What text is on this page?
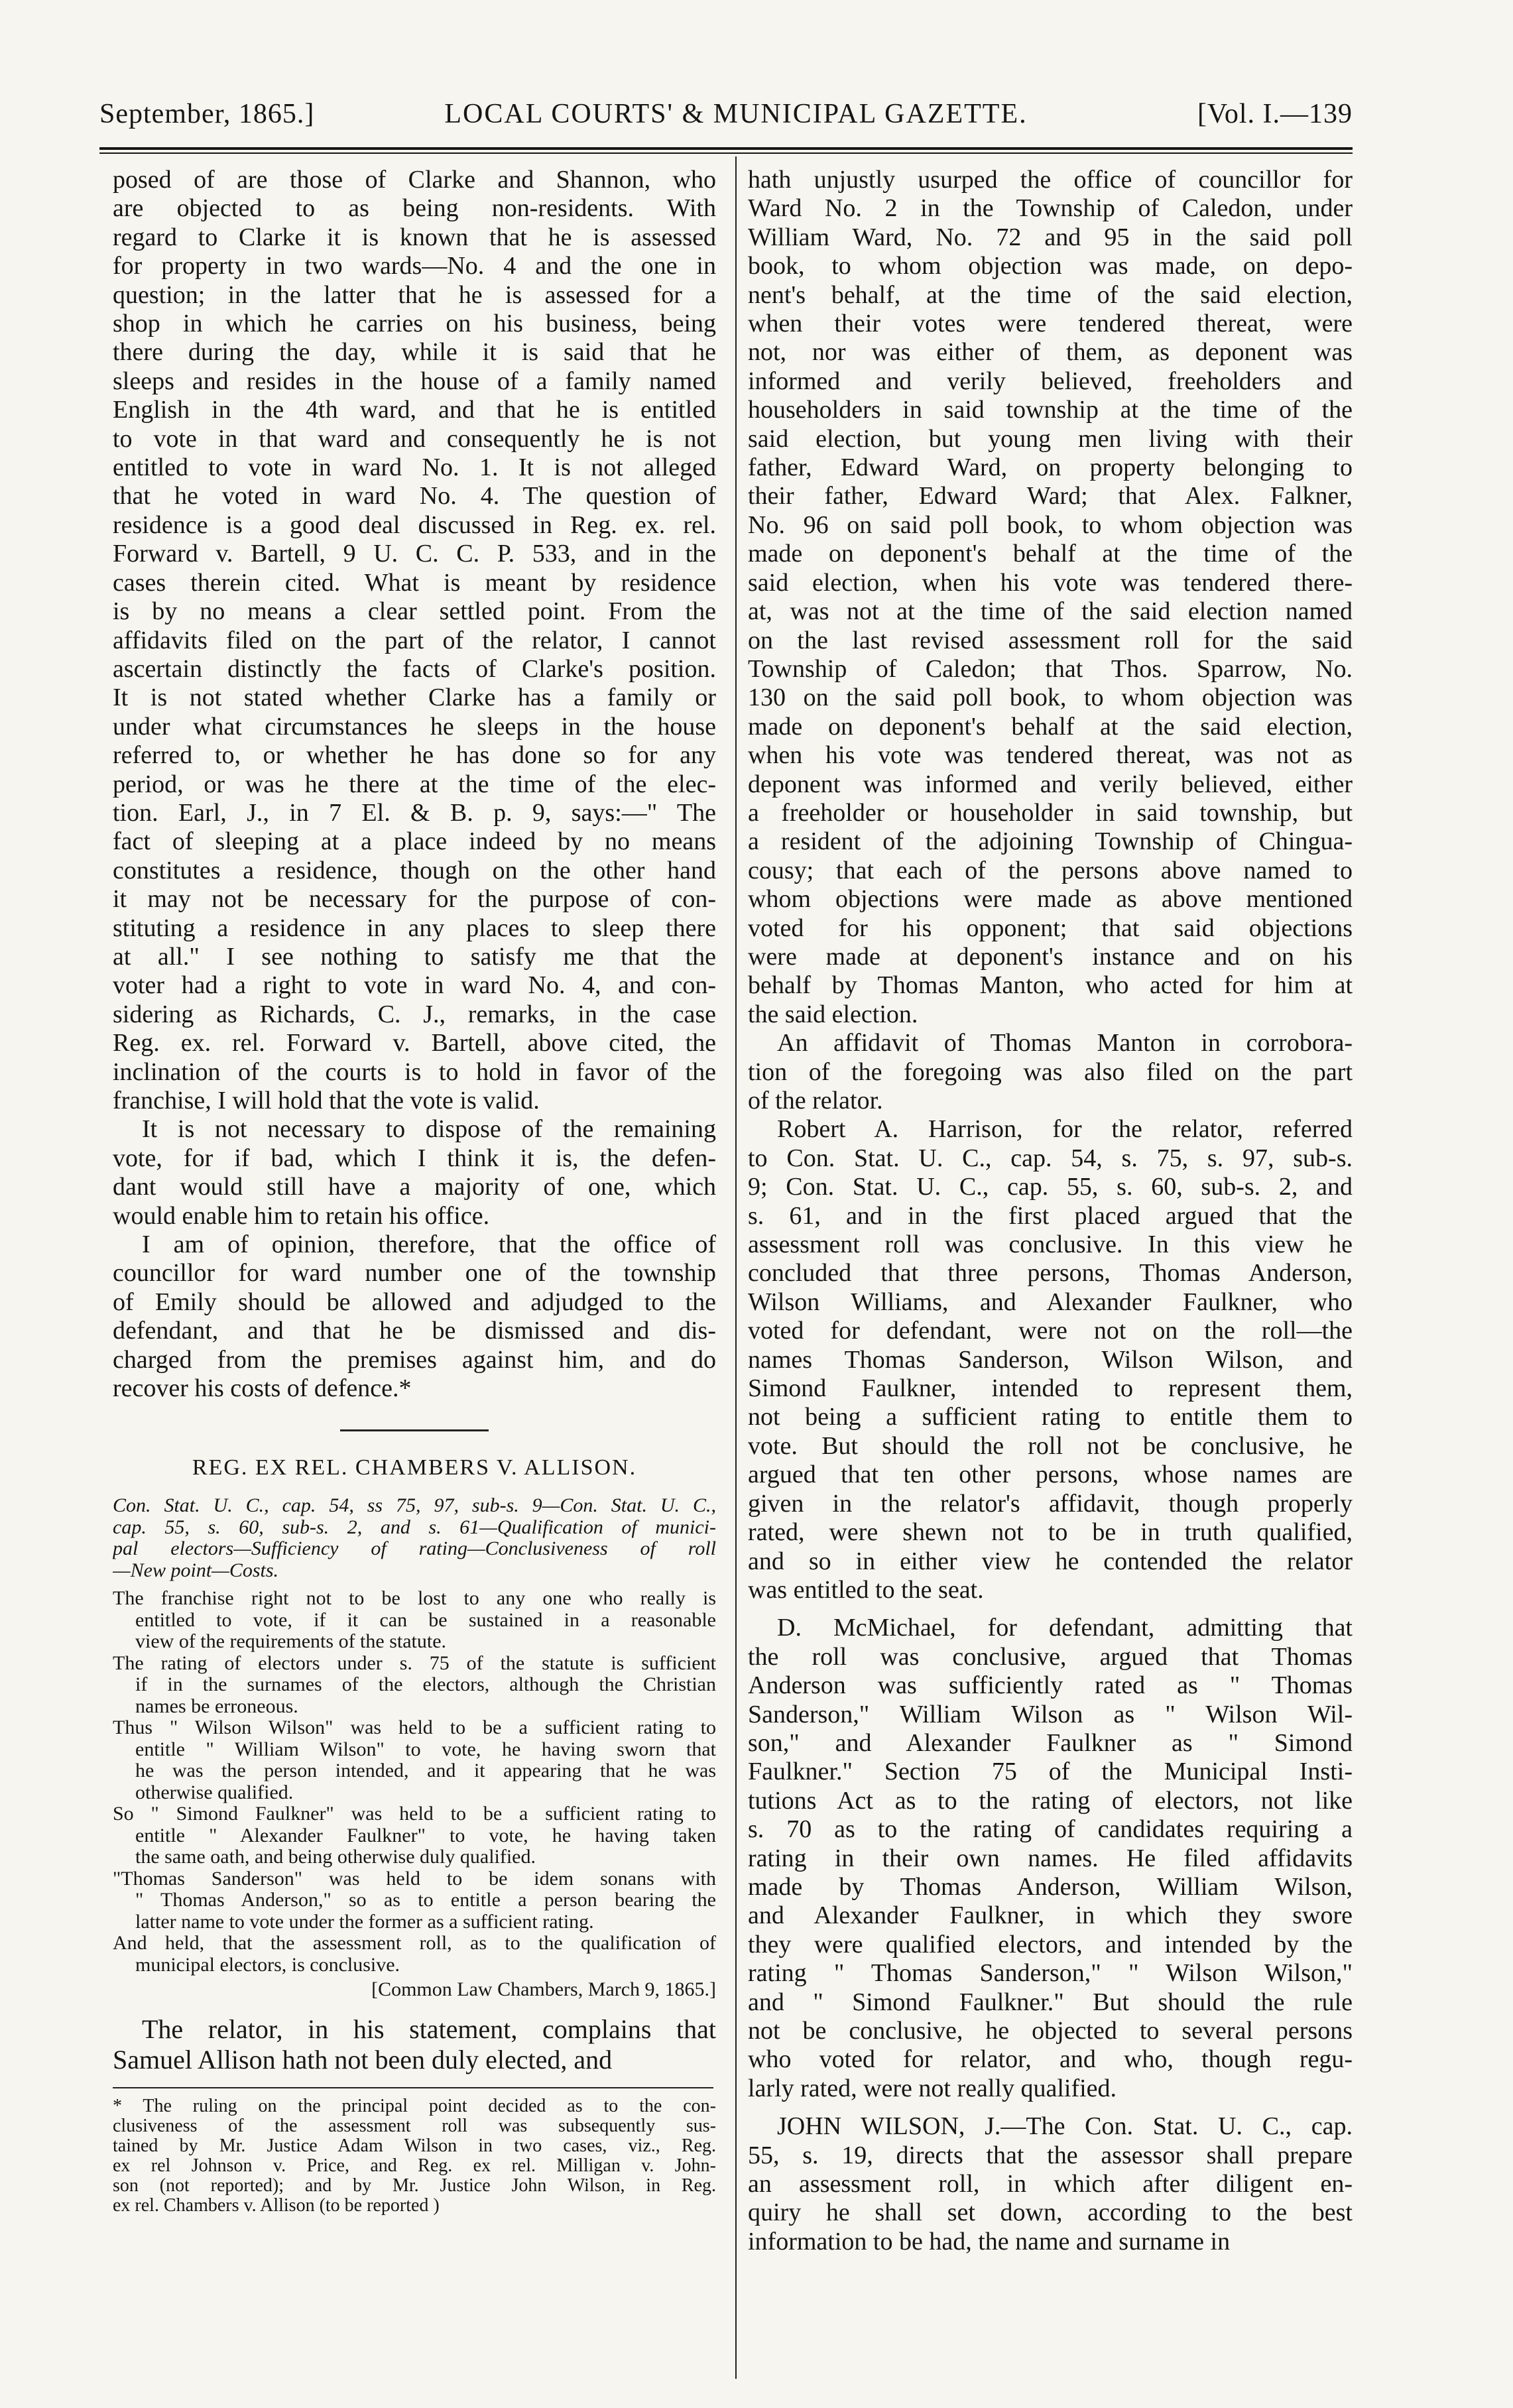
September, 1865.]	LOCAL COURTS' & MUNICIPAL GAZETTE.	[Vol. I.—139
posed of are those of Clarke and Shannon, who
are objected to as being non-residents. With
regard to Clarke it is known that he is assessed
for property in two wards—No. 4 and the one in
question; in the latter that he is assessed for a
shop in which he carries on his business, being
there during the day, while it is said that he
sleeps and resides in the house of a family named
English in the 4th ward, and that he is entitled
to vote in that ward and consequently he is not
entitled to vote in ward No. 1. It is not alleged
that he voted in ward No. 4. The question of
residence is a good deal discussed in Reg. ex. rel.
Forward v. Bartell, 9 U. C. C. P. 533, and in the
cases therein cited. What is meant by residence
is by no means a clear settled point. From the
affidavits filed on the part of the relator, I cannot
ascertain distinctly the facts of Clarke's position.
It is not stated whether Clarke has a family or
under what circumstances he sleeps in the house
referred to, or whether he has done so for any
period, or was he there at the time of the elec-
tion. Earl, J., in 7 El. & B. p. 9, says:—" The
fact of sleeping at a place indeed by no means
constitutes a residence, though on the other hand
it may not be necessary for the purpose of con-
stituting a residence in any places to sleep there
at all." I see nothing to satisfy me that the
voter had a right to vote in ward No. 4, and con-
sidering as Richards, C. J., remarks, in the case
Reg. ex. rel. Forward v. Bartell, above cited, the
inclination of the courts is to hold in favor of the
franchise, I will hold that the vote is valid.
It is not necessary to dispose of the remaining
vote, for if bad, which I think it is, the defen-
dant would still have a majority of one, which
would enable him to retain his office.
I am of opinion, therefore, that the office of
councillor for ward number one of the township
of Emily should be allowed and adjudged to the
defendant, and that he be dismissed and dis-
charged from the premises against him, and do
recover his costs of defence.*
REG. EX REL. CHAMBERS V. ALLISON.
Con. Stat. U. C., cap. 54, ss 75, 97, sub-s. 9—Con. Stat. U. C.,
cap. 55, s. 60, sub-s. 2, and s. 61—Qualification of munici-
pal electors—Sufficiency of rating—Conclusiveness of roll
—New point—Costs.
The franchise right not to be lost to any one who really is
entitled to vote, if it can be sustained in a reasonable
view of the requirements of the statute.
The rating of electors under s. 75 of the statute is sufficient
if in the surnames of the electors, although the Christian
names be erroneous.
Thus " Wilson Wilson" was held to be a sufficient rating to
entitle " William Wilson" to vote, he having sworn that
he was the person intended, and it appearing that he was
otherwise qualified.
So " Simond Faulkner" was held to be a sufficient rating to
entitle " Alexander Faulkner" to vote, he having taken
the same oath, and being otherwise duly qualified.
"Thomas Sanderson" was held to be idem sonans with
" Thomas Anderson," so as to entitle a person bearing the
latter name to vote under the former as a sufficient rating.
And held, that the assessment roll, as to the qualification of
municipal electors, is conclusive.
[Common Law Chambers, March 9, 1865.]
The relator, in his statement, complains that
Samuel Allison hath not been duly elected, and
* The ruling on the principal point decided as to the con-
clusiveness of the assessment roll was subsequently sus-
tained by Mr. Justice Adam Wilson in two cases, viz., Reg.
ex rel Johnson v. Price, and Reg. ex rel. Milligan v. John-
son (not reported); and by Mr. Justice John Wilson, in Reg.
ex rel. Chambers v. Allison (to be reported )
hath unjustly usurped the office of councillor for
Ward No. 2 in the Township of Caledon, under
William Ward, No. 72 and 95 in the said poll
book, to whom objection was made, on depo-
nent's behalf, at the time of the said election,
when their votes were tendered thereat, were
not, nor was either of them, as deponent was
informed and verily believed, freeholders and
householders in said township at the time of the
said election, but young men living with their
father, Edward Ward, on property belonging to
their father, Edward Ward; that Alex. Falkner,
No. 96 on said poll book, to whom objection was
made on deponent's behalf at the time of the
said election, when his vote was tendered there-
at, was not at the time of the said election named
on the last revised assessment roll for the said
Township of Caledon; that Thos. Sparrow, No.
130 on the said poll book, to whom objection was
made on deponent's behalf at the said election,
when his vote was tendered thereat, was not as
deponent was informed and verily believed, either
a freeholder or householder in said township, but
a resident of the adjoining Township of Chingua-
cousy; that each of the persons above named to
whom objections were made as above mentioned
voted for his opponent; that said objections
were made at deponent's instance and on his
behalf by Thomas Manton, who acted for him at
the said election.
An affidavit of Thomas Manton in corrobora-
tion of the foregoing was also filed on the part
of the relator.
Robert A. Harrison, for the relator, referred
to Con. Stat. U. C., cap. 54, s. 75, s. 97, sub-s.
9; Con. Stat. U. C., cap. 55, s. 60, sub-s. 2, and
s. 61, and in the first placed argued that the
assessment roll was conclusive. In this view he
concluded that three persons, Thomas Anderson,
Wilson Williams, and Alexander Faulkner, who
voted for defendant, were not on the roll—the
names Thomas Sanderson, Wilson Wilson, and
Simond Faulkner, intended to represent them,
not being a sufficient rating to entitle them to
vote. But should the roll not be conclusive, he
argued that ten other persons, whose names are
given in the relator's affidavit, though properly
rated, were shewn not to be in truth qualified,
and so in either view he contended the relator
was entitled to the seat.
D. McMichael, for defendant, admitting that
the roll was conclusive, argued that Thomas
Anderson was sufficiently rated as " Thomas
Sanderson," William Wilson as " Wilson Wil-
son," and Alexander Faulkner as " Simond
Faulkner." Section 75 of the Municipal Insti-
tutions Act as to the rating of electors, not like
s. 70 as to the rating of candidates requiring a
rating in their own names. He filed affidavits
made by Thomas Anderson, William Wilson,
and Alexander Faulkner, in which they swore
they were qualified electors, and intended by the
rating " Thomas Sanderson," " Wilson Wilson,"
and " Simond Faulkner." But should the rule
not be conclusive, he objected to several persons
who voted for relator, and who, though regu-
larly rated, were not really qualified.
JOHN WILSON, J.—The Con. Stat. U. C., cap.
55, s. 19, directs that the assessor shall prepare
an assessment roll, in which after diligent en-
quiry he shall set down, according to the best
information to be had, the name and surname in
